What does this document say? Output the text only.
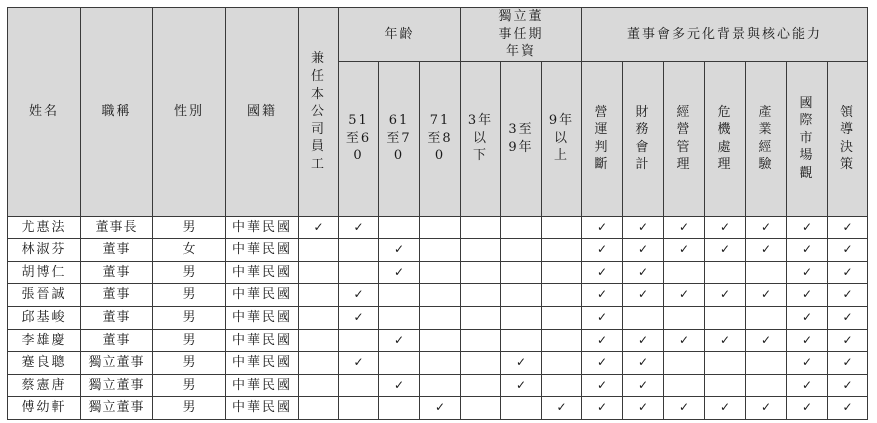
姓名	職稱	性別	國籍	兼任本公司員工	年齡			獨立董事任期年資			董事會多元化背景與核心能力						
					51至60	61至70	71至80	3年以下	3至9年	9年以上	營運判斷	財務會計	經營管理	危機處理	產業經驗	國際市場觀	領導決策
尤惠法	董事長	男	中華民國	✓	✓						✓	✓	✓	✓	✓	✓	✓
林淑芬	董事	女	中華民國			✓					✓	✓	✓	✓	✓	✓	✓
胡博仁	董事	男	中華民國			✓					✓	✓				✓	✓
張晉誠	董事	男	中華民國		✓						✓	✓	✓	✓	✓	✓	✓
邱基峻	董事	男	中華民國		✓						✓					✓	✓
李雄慶	董事	男	中華民國			✓					✓	✓	✓	✓	✓	✓	✓
蹇良聰	獨立董事	男	中華民國		✓				✓		✓	✓				✓	✓
蔡憲唐	獨立董事	男	中華民國			✓			✓		✓	✓				✓	✓
傅幼軒	獨立董事	男	中華民國				✓			✓	✓	✓	✓	✓	✓	✓	✓
